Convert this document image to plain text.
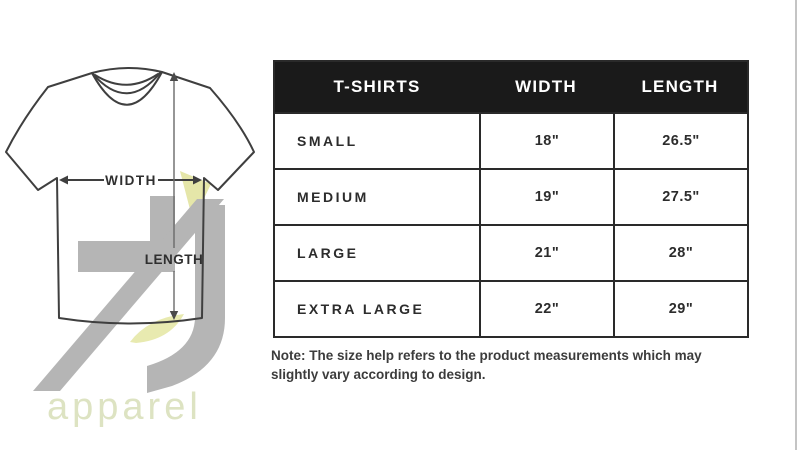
WIDTH
LENGTH
apparel
T-SHIRTS	WIDTH	LENGTH
SMALL	18"	26.5"
MEDIUM	19"	27.5"
LARGE	21"	28"
EXTRA LARGE	22"	29"
Note: The size help refers to the product measurements which may
slightly vary according to design.
